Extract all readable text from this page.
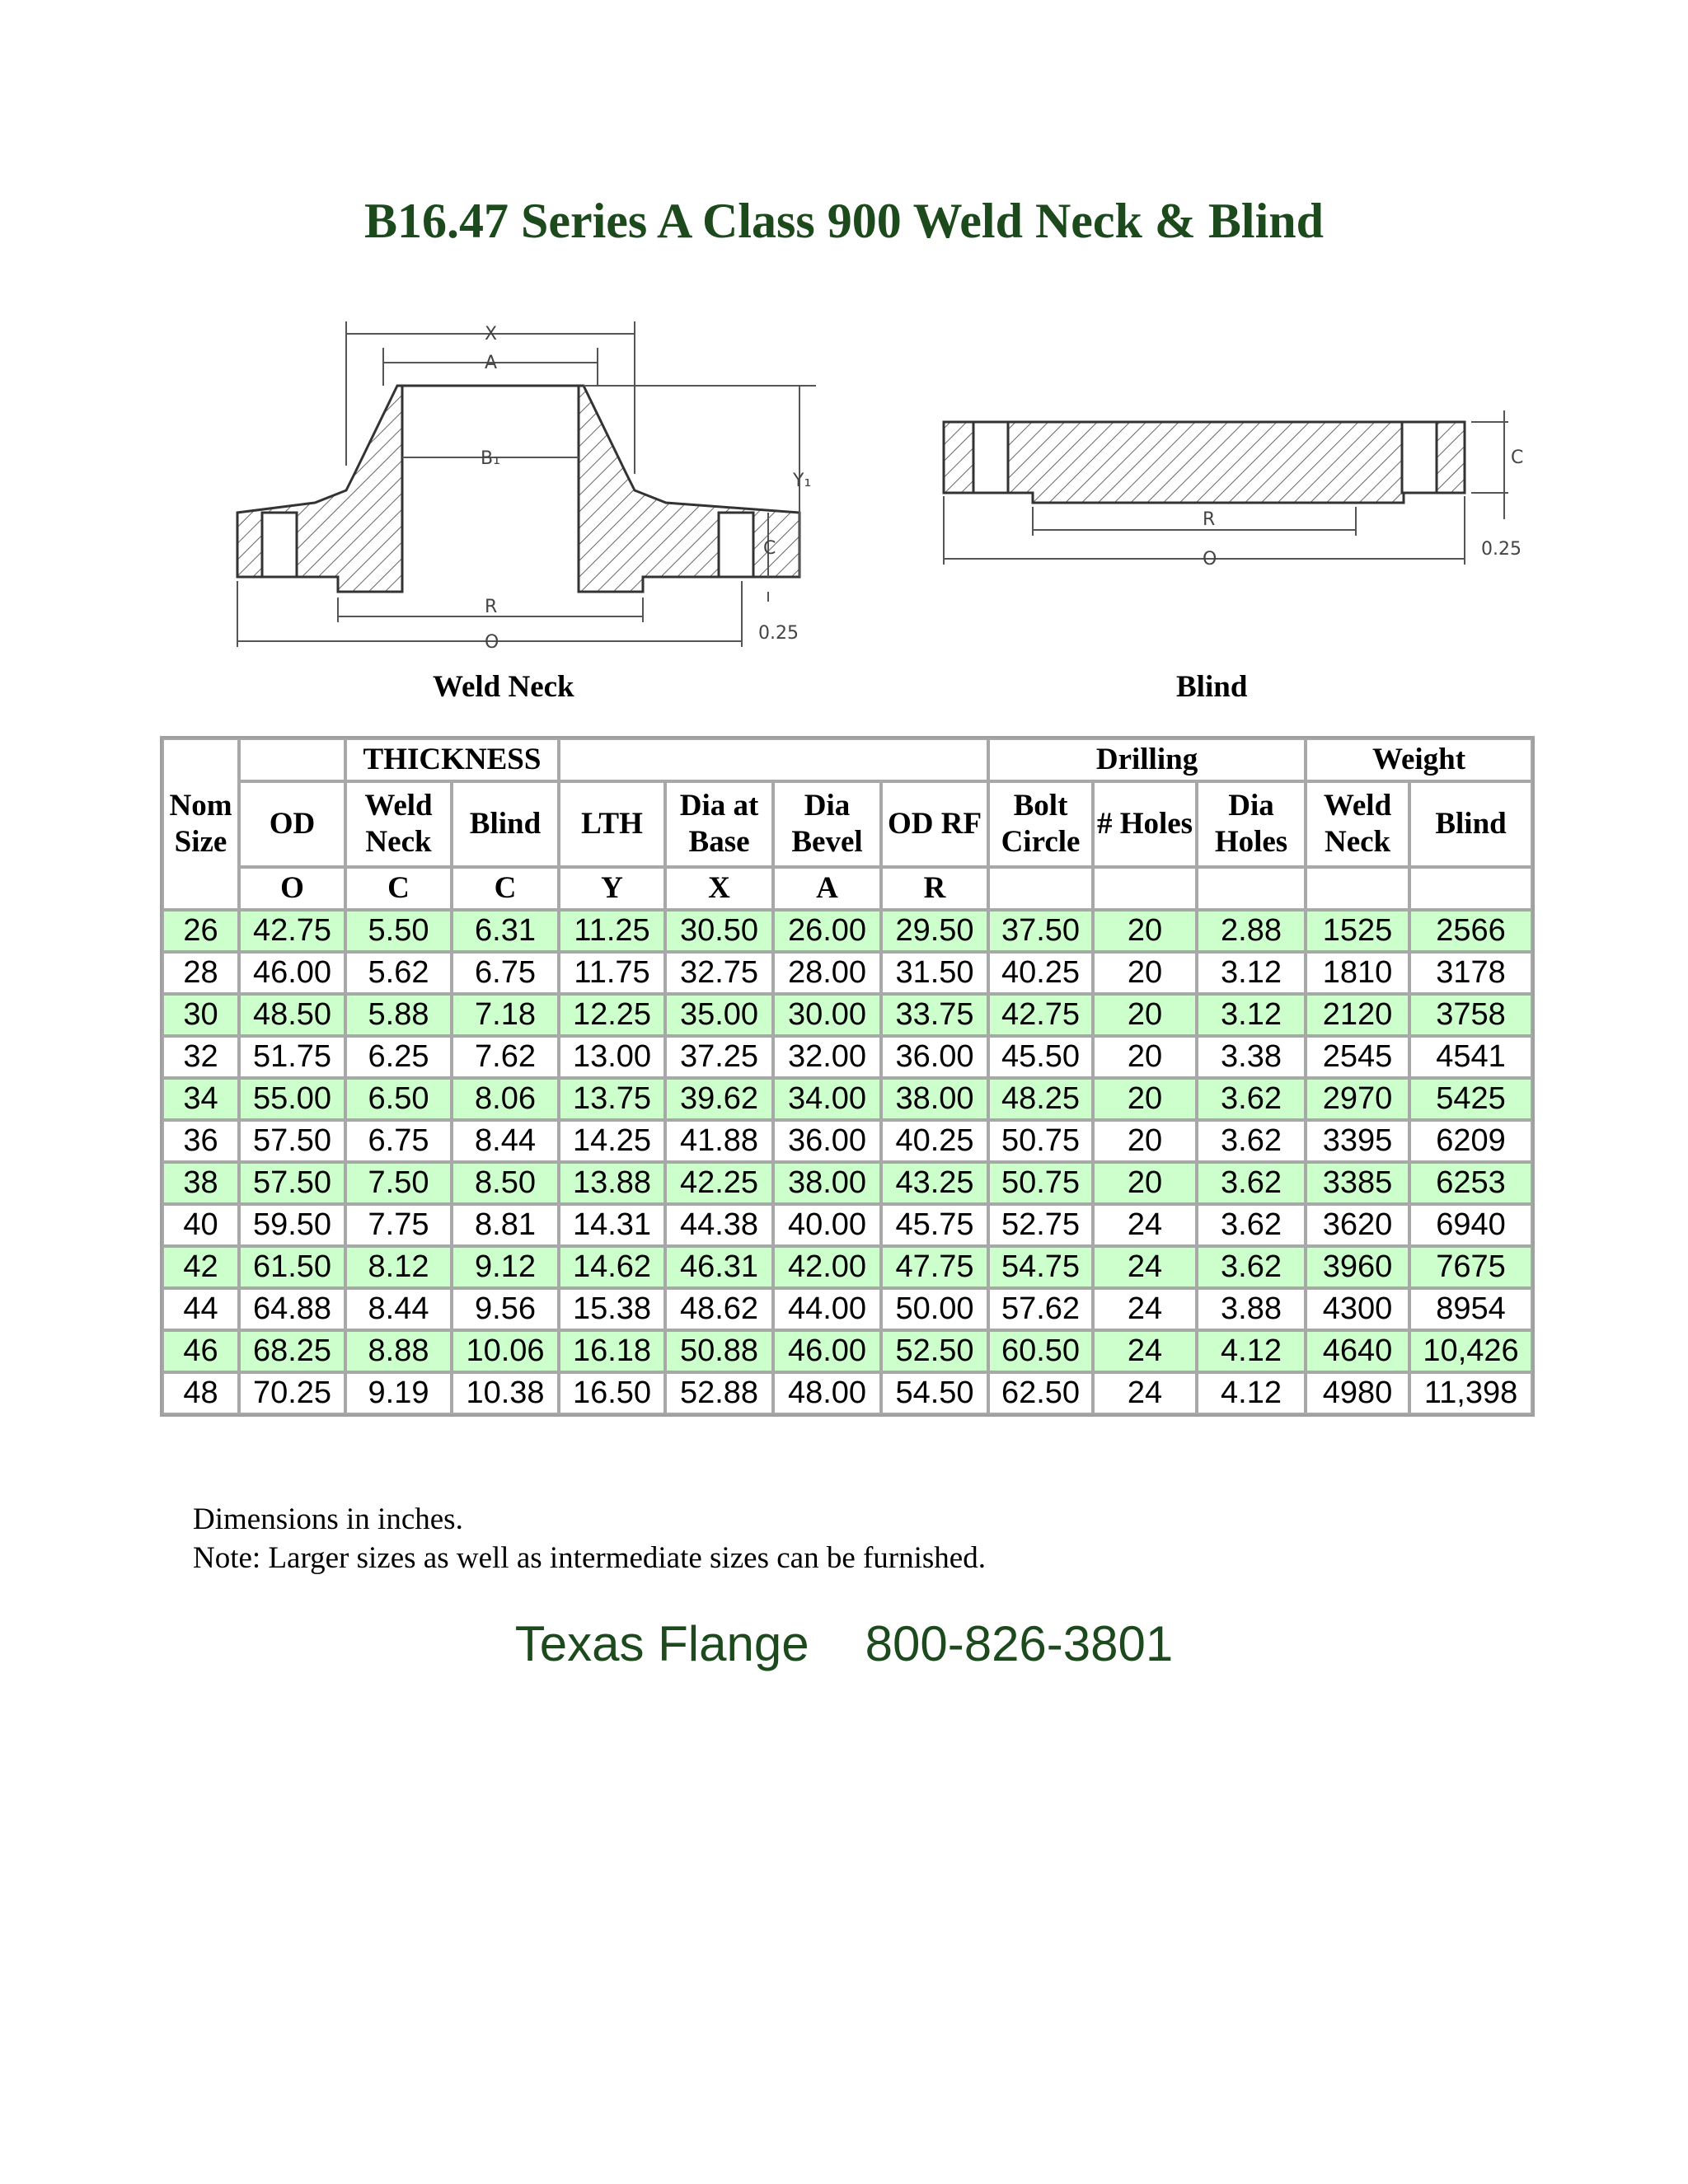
B16.47 Series A Class 900 Weld Neck & Blind
X
A
B₁
Y₁
C
0.25
R
O
C
0.25
R
O
Weld Neck	Blind
Nom Size		THICKNESS						Drilling			Weight	
	OD	Weld Neck	Blind	LTH	Dia at Base	Dia Bevel	OD RF	Bolt Circle	# Holes	Dia Holes	Weld Neck	Blind
	O	C	C	Y	X	A	R					
26	42.75	5.50	6.31	11.25	30.50	26.00	29.50	37.50	20	2.88	1525	2566
28	46.00	5.62	6.75	11.75	32.75	28.00	31.50	40.25	20	3.12	1810	3178
30	48.50	5.88	7.18	12.25	35.00	30.00	33.75	42.75	20	3.12	2120	3758
32	51.75	6.25	7.62	13.00	37.25	32.00	36.00	45.50	20	3.38	2545	4541
34	55.00	6.50	8.06	13.75	39.62	34.00	38.00	48.25	20	3.62	2970	5425
36	57.50	6.75	8.44	14.25	41.88	36.00	40.25	50.75	20	3.62	3395	6209
38	57.50	7.50	8.50	13.88	42.25	38.00	43.25	50.75	20	3.62	3385	6253
40	59.50	7.75	8.81	14.31	44.38	40.00	45.75	52.75	24	3.62	3620	6940
42	61.50	8.12	9.12	14.62	46.31	42.00	47.75	54.75	24	3.62	3960	7675
44	64.88	8.44	9.56	15.38	48.62	44.00	50.00	57.62	24	3.88	4300	8954
46	68.25	8.88	10.06	16.18	50.88	46.00	52.50	60.50	24	4.12	4640	10,426
48	70.25	9.19	10.38	16.50	52.88	48.00	54.50	62.50	24	4.12	4980	11,398
Dimensions in inches.
Note: Larger sizes as well as intermediate sizes can be furnished.
Texas Flange 800-826-3801
